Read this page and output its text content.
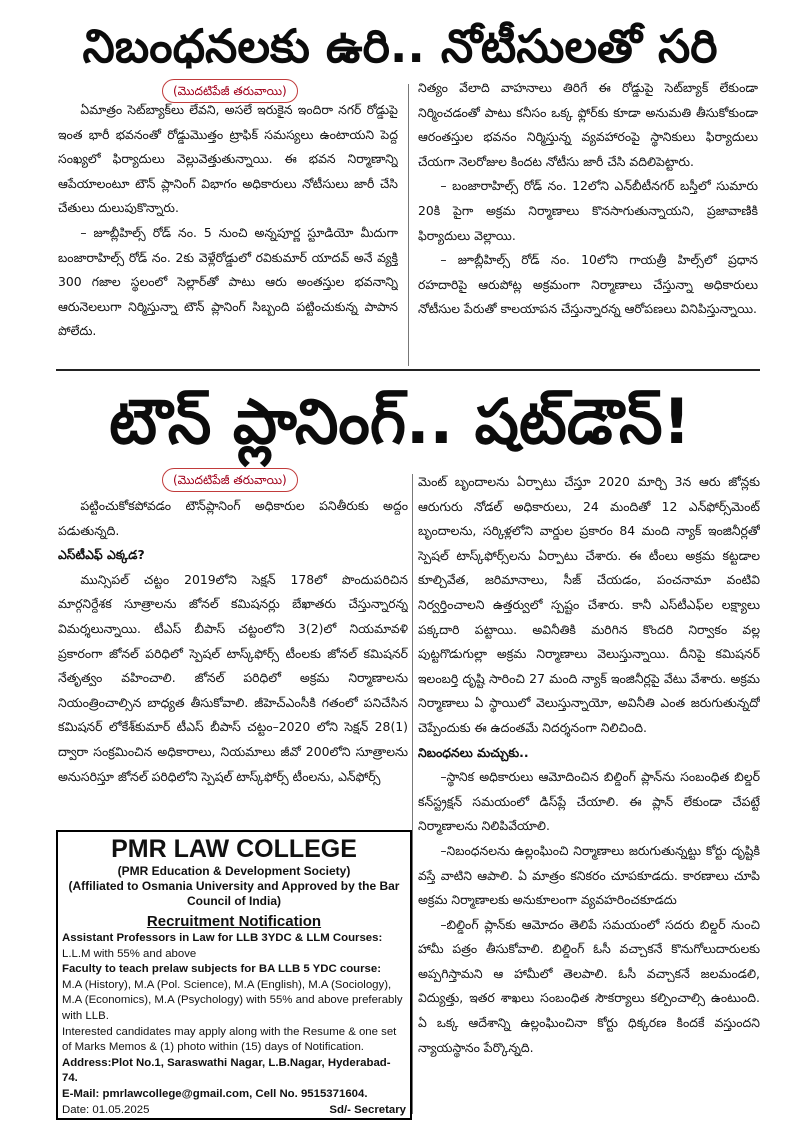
నిబంధనలకు ఉరి.. నోటీసులతో సరి
(మొదటిపేజీ తరువాయి)

ఏమాత్రం సెట్‌బ్యాక్‌లు లేవని, అసలే ఇరుకైన ఇందిరా నగర్‌ రోడ్డుపై ఇంత భారీ భవనంతో రోడ్డుమొత్తం ట్రాఫిక్‌ సమస్యలు ఉంటాయని పెద్ద సంఖ్యలో ఫిర్యాదులు వెల్లువెత్తుతున్నాయి. ఈ భవన నిర్మాణాన్ని ఆపేయాలంటూ టౌన్‌ ప్లానింగ్‌ విభాగం అధికారులు నోటీసులు జారీ చేసి చేతులు దులుపుకొన్నారు.

– జూబ్లీహిల్స్‌ రోడ్‌ నం. 5 నుంచి అన్నపూర్ణ స్టూడియో మీదుగా బంజారాహిల్స్‌ రోడ్‌ నం. 2కు వెళ్లేరోడ్డులో రవికుమార్‌ యాదవ్‌ అనే వ్యక్తి 300 గజాల స్థలంలో సెల్లార్‌తో పాటు ఆరు అంతస్తుల భవనాన్ని ఆరునెలలుగా నిర్మిస్తున్నా టౌన్‌ ప్లానింగ్‌ సిబ్బంది పట్టించుకున్న పాపాన పోలేదు.

నిత్యం వేలాది వాహనాలు తిరిగే ఈ రోడ్డుపై సెట్‌బ్యాక్‌ లేకుండా నిర్మించడంతో పాటు కనీసం ఒక్క ఫ్లోర్‌కు కూడా అనుమతి తీసుకోకుండా ఆరంతస్తుల భవనం నిర్మిస్తున్న వ్యవహారంపై స్థానికులు ఫిర్యాదులు చేయగా నెలరోజుల కిందట నోటీసు జారీ చేసి వదిలిపెట్టారు.

– బంజారాహిల్స్‌ రోడ్‌ నం. 12లోని ఎన్‌బీటీనగర్‌ బస్తీలో సుమారు 20కి పైగా అక్రమ నిర్మాణాలు కొనసాగుతున్నాయని, ప్రజావాణికి ఫిర్యాదులు వెల్లాయి.

– జూబ్లీహిల్స్‌ రోడ్‌ నం. 10లోని గాయత్రీ హిల్స్‌లో ప్రధాన రహదారిపై ఆరుపోట్ల అక్రమంగా నిర్మాణాలు చేస్తున్నా అధికారులు నోటీసుల పేరుతో కాలయాపన చేస్తున్నారన్న ఆరోపణలు వినిపిస్తున్నాయి.

టౌన్‌ ప్లానింగ్‌.. షట్‌డౌన్‌!
(మొదటిపేజీ తరువాయి)

పట్టించుకోకపోవడం టౌన్‌ప్లానింగ్‌ అధికారుల పనితీరుకు అద్దం పడుతున్నది.

ఎస్‌టీఎఫ్‌ ఎక్కడ?

మున్సిపల్‌ చట్టం 2019లోని సెక్షన్‌ 178లో పొందుపరిచిన మార్గనిర్దేశక సూత్రాలను జోనల్‌ కమిషనర్లు బేఖాతరు చేస్తున్నారన్న విమర్శలున్నాయి. టీఎస్‌ బీపాస్‌ చట్టంలోని 3(2)లో నియమావళి ప్రకారంగా జోనల్‌ పరిధిలో స్పెషల్‌ టాస్క్‌ఫోర్స్‌ టీంలకు జోనల్‌ కమిషనర్‌ నేతృత్వం వహించాలి. జోనల్‌ పరిధిలో అక్రమ నిర్మాణాలను నియంత్రించాల్సిన బాధ్యత తీసుకోవాలి. జీహెచ్‌ఎంసీకి గతంలో పనిచేసిన కమిషనర్‌ లోకేశ్‌కుమార్‌ టీఎస్‌ బీపాస్‌ చట్టం–2020 లోని సెక్షన్‌ 28(1) ద్వారా సంక్రమించిన అధికారాలు, నియమాలు జీవో 200లోని సూత్రాలను అనుసరిస్తూ జోనల్‌ పరిధిలోని స్పెషల్‌ టాస్క్‌ఫోర్స్‌ టీంలను, ఎన్‌ఫోర్స్‌

మెంట్‌ బృందాలను ఏర్పాటు చేస్తూ 2020 మార్చి 3న ఆరు జోన్లకు ఆరుగురు నోడల్‌ అధికారులు, 24 మందితో 12 ఎన్‌ఫోర్స్‌మెంట్‌ బృందాలను, సర్కిళ్లలోని వార్డుల ప్రకారం 84 మంది న్యాక్‌ ఇంజినీర్లతో స్పెషల్‌ టాస్క్‌ఫోర్స్‌లను ఏర్పాటు చేశారు. ఈ టీంలు అక్రమ కట్టడాల కూల్చివేత, జరిమానాలు, సీజ్‌ చేయడం, పంచనామా వంటివి నిర్వర్తించాలని ఉత్తర్వులో స్పష్టం చేశారు. కానీ ఎస్‌టీఎఫ్‌ల లక్ష్యాలు పక్కదారి పట్టాయి. అవినీతికి మరిగిన కొందరి నిర్వాకం వల్ల పుట్టగొడుగుల్లా అక్రమ నిర్మాణాలు వెలుస్తున్నాయి. దీనిపై కమిషనర్‌ ఇలంబర్తి దృష్టి సారించి 27 మంది న్యాక్‌ ఇంజినీర్లపై వేటు వేశారు. అక్రమ నిర్మాణాలు ఏ స్థాయిలో వెలుస్తున్నాయో, అవినీతి ఎంత జరుగుతున్నదో చెప్పేందుకు ఈ ఉదంతమే నిదర్శనంగా నిలిచింది.

నిబంధనలు మచ్చుకు..

–స్థానిక అధికారులు ఆమోదించిన బిల్డింగ్‌ ప్లాన్‌ను సంబంధిత బిల్డర్‌ కన్‌స్ట్రక్షన్‌ సమయంలో డిస్‌ప్లే చేయాలి. ఈ ప్లాన్‌ లేకుండా చేపట్టే నిర్మాణాలను నిలిపివేయాలి.

–నిబంధనలను ఉల్లంఘించి నిర్మాణాలు జరుగుతున్నట్టు కోర్టు దృష్టికి వస్తే వాటిని ఆపాలి. ఏ మాత్రం కనికరం చూపకూడదు. కారణాలు చూపి అక్రమ నిర్మాణాలకు అనుకూలంగా వ్యవహరించకూడదు

–బిల్డింగ్‌ ప్లాన్‌కు ఆమోదం తెలిపే సమయంలో సదరు బిల్డర్‌ నుంచి హామీ పత్రం తీసుకోవాలి. బిల్డింగ్‌ ఓసీ వచ్చాకనే కొనుగోలుదారులకు అప్పగిస్తామని ఆ హామీలో తెలపాలి. ఓసీ వచ్చాకనే జలమండలి, విద్యుత్తు, ఇతర శాఖలు సంబంధిత సౌకర్యాలు కల్పించాల్సి ఉంటుంది. ఏ ఒక్క ఆదేశాన్ని ఉల్లంఘించినా కోర్టు ధిక్కరణ కిందకే వస్తుందని న్యాయస్థానం పేర్కొన్నది.

PMR LAW COLLEGE
(PMR Education & Development Society)
(Affiliated to Osmania University and Approved by the Bar Council of India)
Recruitment Notification
Assistant Professors in Law for LLB 3YDC & LLM Courses:
L.L.M with 55% and above
Faculty to teach prelaw subjects for BA LLB 5 YDC course:
M.A (History), M.A (Pol. Science), M.A (English), M.A (Sociology), M.A (Economics), M.A (Psychology) with 55% and above preferably with LLB.
Interested candidates may apply along with the Resume & one set of Marks Memos & (1) photo within (15) days of Notification.
Address:Plot No.1, Saraswathi Nagar, L.B.Nagar, Hyderabad-74.
E-Mail: pmrlawcollege@gmail.com, Cell No. 9515371604.
Date: 01.05.2025	Sd/- Secretary
